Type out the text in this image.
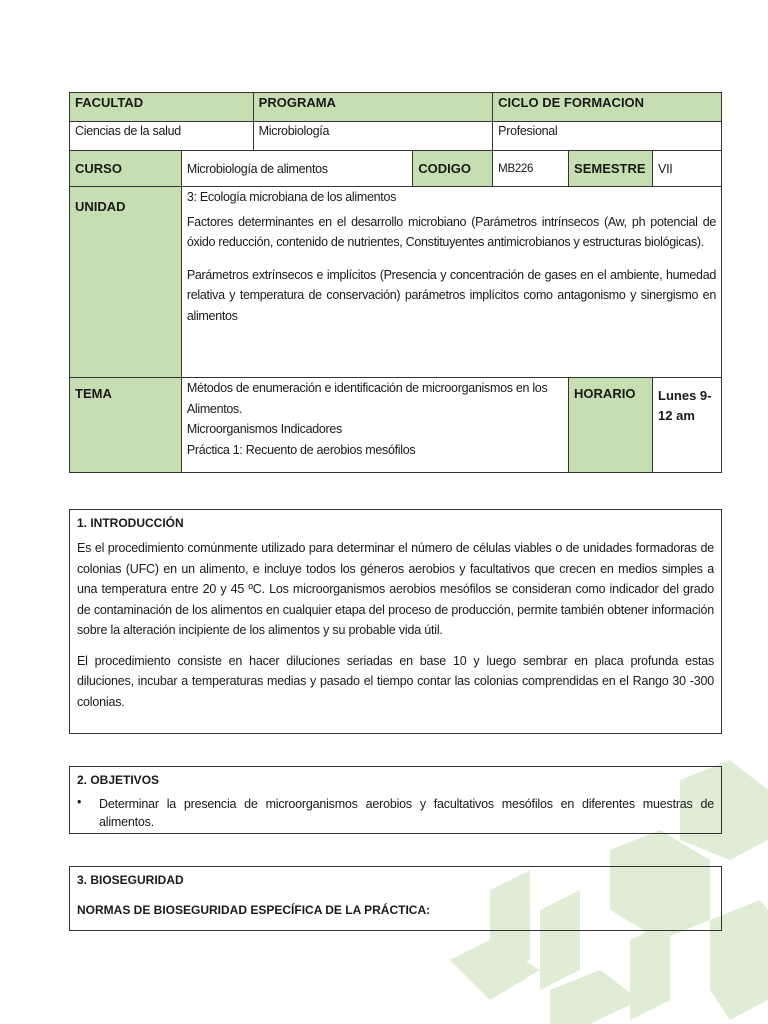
FACULTAD		PROGRAMA		CICLO DE FORMACION		
Ciencias de la salud		Microbiología		Profesional		
CURSO	Microbiología de alimentos		CODIGO	MB226	SEMESTRE	VII
UNIDAD	3: Ecología microbiana de los alimentos
Factores determinantes en el desarrollo microbiano (Parámetros intrínsecos (Aw, ph potencial de óxido reducción, contenido de nutrientes, Constituyentes antimicrobianos y estructuras biológicas).
Parámetros extrínsecos e implícitos (Presencia y concentración de gases en el ambiente, humedad relativa y temperatura de conservación) parámetros implícitos como antagonismo y sinergismo en alimentos					

TEMA	Métodos de enumeración e identificación de microorganismos en los Alimentos.
Microorganismos Indicadores
Práctica 1: Recuento de aerobios mesófilos				HORARIO	Lunes 9-12 am
1. INTRODUCCIÓN

Es el procedimiento comúnmente utilizado para determinar el número de células viables o de unidades formadoras de colonias (UFC) en un alimento, e incluye todos los géneros aerobios y facultativos que crecen en medios simples a una temperatura entre 20 y 45 ºC. Los microorganismos aerobios mesófilos se consideran como indicador del grado de contaminación de los alimentos en cualquier etapa del proceso de producción, permite también obtener información sobre la alteración incipiente de los alimentos y su probable vida útil.

El procedimiento consiste en hacer diluciones seriadas en base 10 y luego sembrar en placa profunda estas diluciones, incubar a temperaturas medias y pasado el tiempo contar las colonias comprendidas en el Rango 30 -300 colonias.

2. OBJETIVOS
•	Determinar la presencia de microorganismos aerobios y facultativos mesófilos en diferentes muestras de alimentos.
3. BIOSEGURIDAD
NORMAS DE BIOSEGURIDAD ESPECÍFICA DE LA PRÁCTICA:
